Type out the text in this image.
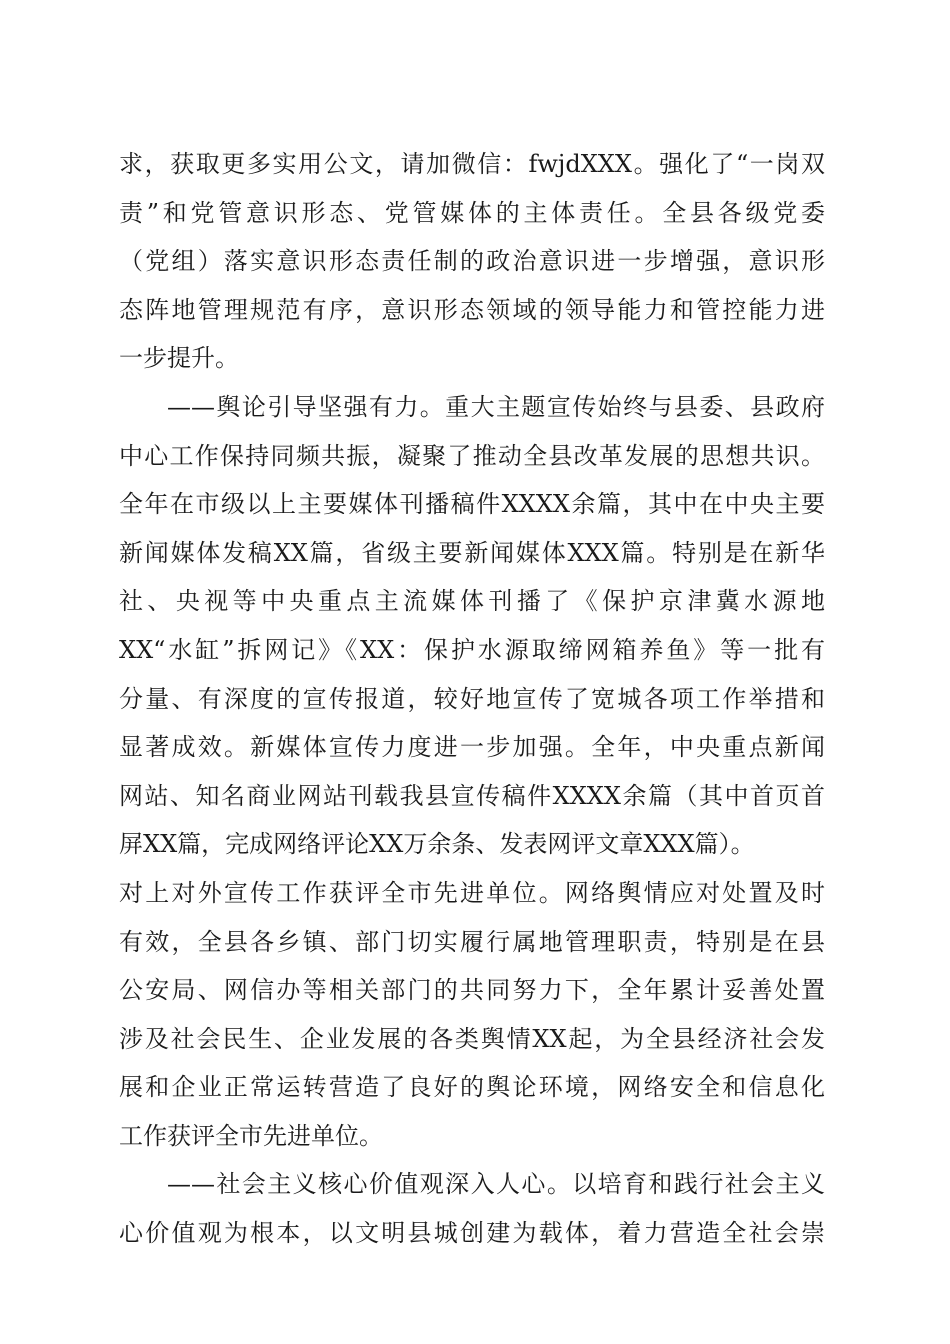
求，获取更多实用公文，请加微信：fwjdXXX。强化了“一岗双
责”和党管意识形态、党管媒体的主体责任。全县各级党委
（党组）落实意识形态责任制的政治意识进一步增强，意识形
态阵地管理规范有序，意识形态领域的领导能力和管控能力进
一步提升。
——舆论引导坚强有力。重大主题宣传始终与县委、县政府
中心工作保持同频共振，凝聚了推动全县改革发展的思想共识。
全年在市级以上主要媒体刊播稿件XXXX余篇，其中在中央主要
新闻媒体发稿XX篇，省级主要新闻媒体XXX篇。特别是在新华
社、央视等中央重点主流媒体刊播了《保护京津冀水源地
XX“水缸”拆网记》《XX：保护水源取缔网箱养鱼》等一批有
分量、有深度的宣传报道，较好地宣传了宽城各项工作举措和
显著成效。新媒体宣传力度进一步加强。全年，中央重点新闻
网站、知名商业网站刊载我县宣传稿件XXXX余篇（其中首页首
屏XX篇，完成网络评论XX万余条、发表网评文章XXX篇）。
对上对外宣传工作获评全市先进单位。网络舆情应对处置及时
有效，全县各乡镇、部门切实履行属地管理职责，特别是在县
公安局、网信办等相关部门的共同努力下，全年累计妥善处置
涉及社会民生、企业发展的各类舆情XX起，为全县经济社会发
展和企业正常运转营造了良好的舆论环境，网络安全和信息化
工作获评全市先进单位。
——社会主义核心价值观深入人心。以培育和践行社会主义
心价值观为根本，以文明县城创建为载体，着力营造全社会崇
